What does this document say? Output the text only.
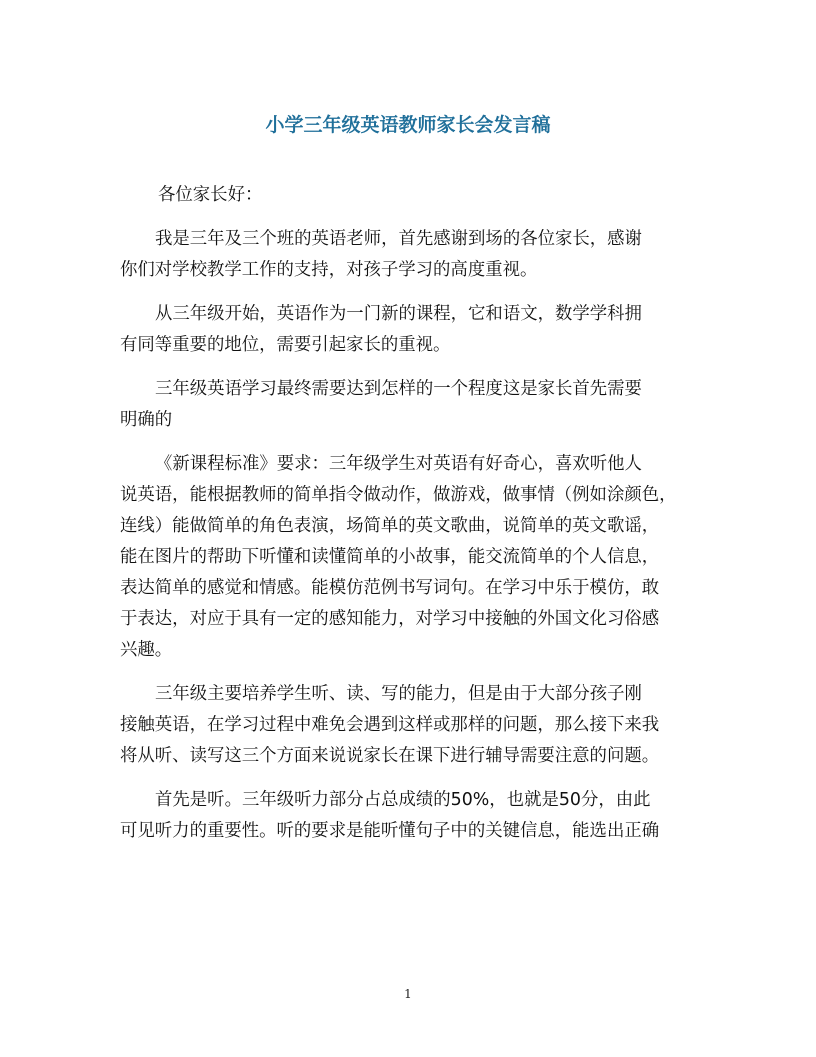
小学三年级英语教师家长会发言稿

各位家长好：

我是三年及三个班的英语老师，首先感谢到场的各位家长，感谢
你们对学校教学工作的支持，对孩子学习的高度重视。

从三年级开始，英语作为一门新的课程，它和语文，数学学科拥
有同等重要的地位，需要引起家长的重视。

三年级英语学习最终需要达到怎样的一个程度这是家长首先需要
明确的

《新课程标准》要求：三年级学生对英语有好奇心，喜欢听他人
说英语，能根据教师的简单指令做动作，做游戏，做事情（例如涂颜色，
连线）能做简单的角色表演，场简单的英文歌曲，说简单的英文歌谣，
能在图片的帮助下听懂和读懂简单的小故事，能交流简单的个人信息，
表达简单的感觉和情感。能模仿范例书写词句。在学习中乐于模仿，敢
于表达，对应于具有一定的感知能力，对学习中接触的外国文化习俗感
兴趣。

三年级主要培养学生听、读、写的能力，但是由于大部分孩子刚
接触英语，在学习过程中难免会遇到这样或那样的问题，那么接下来我
将从听、读写这三个方面来说说家长在课下进行辅导需要注意的问题。

首先是听。三年级听力部分占总成绩的50%，也就是50分，由此
可见听力的重要性。听的要求是能听懂句子中的关键信息，能选出正确

1
